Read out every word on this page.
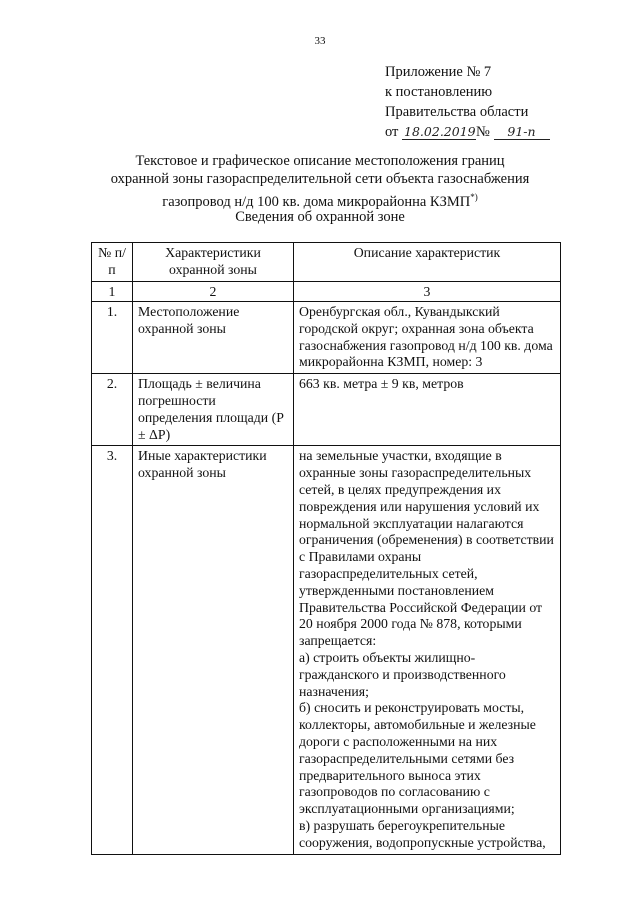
33
Приложение № 7
к постановлению
Правительства области
от 18.02.2019№ 91-п
Текстовое и графическое описание местоположения границ
охранной зоны газораспределительной сети объекта газоснабжения
газопровод н/д 100 кв. дома микрорайонна КЗМП*)
Сведения об охранной зоне
№ п/п	Характеристики охранной зоны	Описание характеристик
1	2	3
1.	Местоположение охранной зоны	Оренбургская обл., Кувандыкский городской округ; охранная зона объекта газоснабжения газопровод н/д 100 кв. дома микрорайонна КЗМП, номер: 3

2.	Площадь ± величина погрешности определения площади (P ± ΔP)	663 кв. метра ± 9 кв, метров

3.	Иные характеристики охранной зоны	на земельные участки, входящие в охранные зоны газораспределительных сетей, в целях предупреждения их повреждения или нарушения условий их нормальной эксплуатации налагаются ограничения (обременения) в соответствии с Правилами охраны газораспределительных сетей, утвержденными постановлением Правительства Российской Федерации от 20 ноября 2000 года № 878, которыми запрещается:

а) строить объекты жилищно-гражданского и производственного назначения;

б) сносить и реконструировать мосты, коллекторы, автомобильные и железные дороги с расположенными на них газораспределительными сетями без предварительного выноса этих газопроводов по согласованию с эксплуатационными организациями;

в) разрушать берегоукрепительные сооружения, водопропускные устройства,
